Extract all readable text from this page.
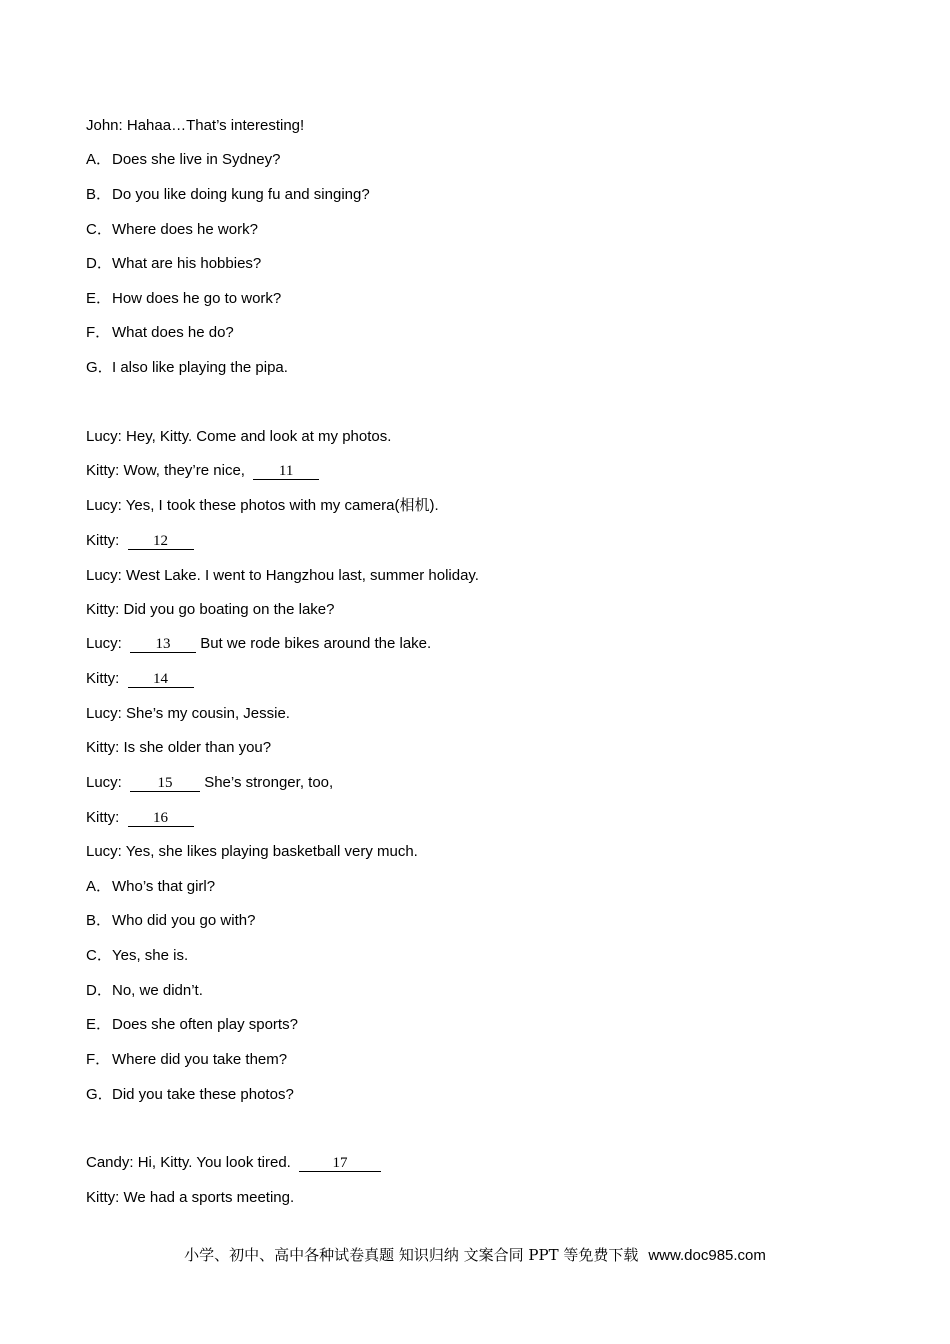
John: Hahaa…That’s interesting!
A．Does she live in Sydney?
B．Do you like doing kung fu and singing?
C．Where does he work?
D．What are his hobbies?
E．How does he go to work?
F． What does he do?
G．I also like playing the pipa.
Lucy: Hey, Kitty. Come and look at my photos.
Kitty: Wow, they’re nice, 11
Lucy: Yes, I took these photos with my camera(相机).
Kitty: 12
Lucy: West Lake. I went to Hangzhou last, summer holiday.
Kitty: Did you go boating on the lake?
Lucy: 13 But we rode bikes around the lake.
Kitty: 14
Lucy: She’s my cousin, Jessie.
Kitty: Is she older than you?
Lucy: 15 She’s stronger, too,
Kitty: 16
Lucy: Yes, she likes playing basketball very much.
A．Who’s that girl?
B．Who did you go with?
C．Yes, she is.
D．No, we didn’t.
E．Does she often play sports?
F． Where did you take them?
G．Did you take these photos?
Candy: Hi, Kitty. You look tired.	17
Kitty: We had a sports meeting.
小学、初中、高中各种试卷真题 知识归纳 文案合同 PPT 等免费下载 www.doc985.com
